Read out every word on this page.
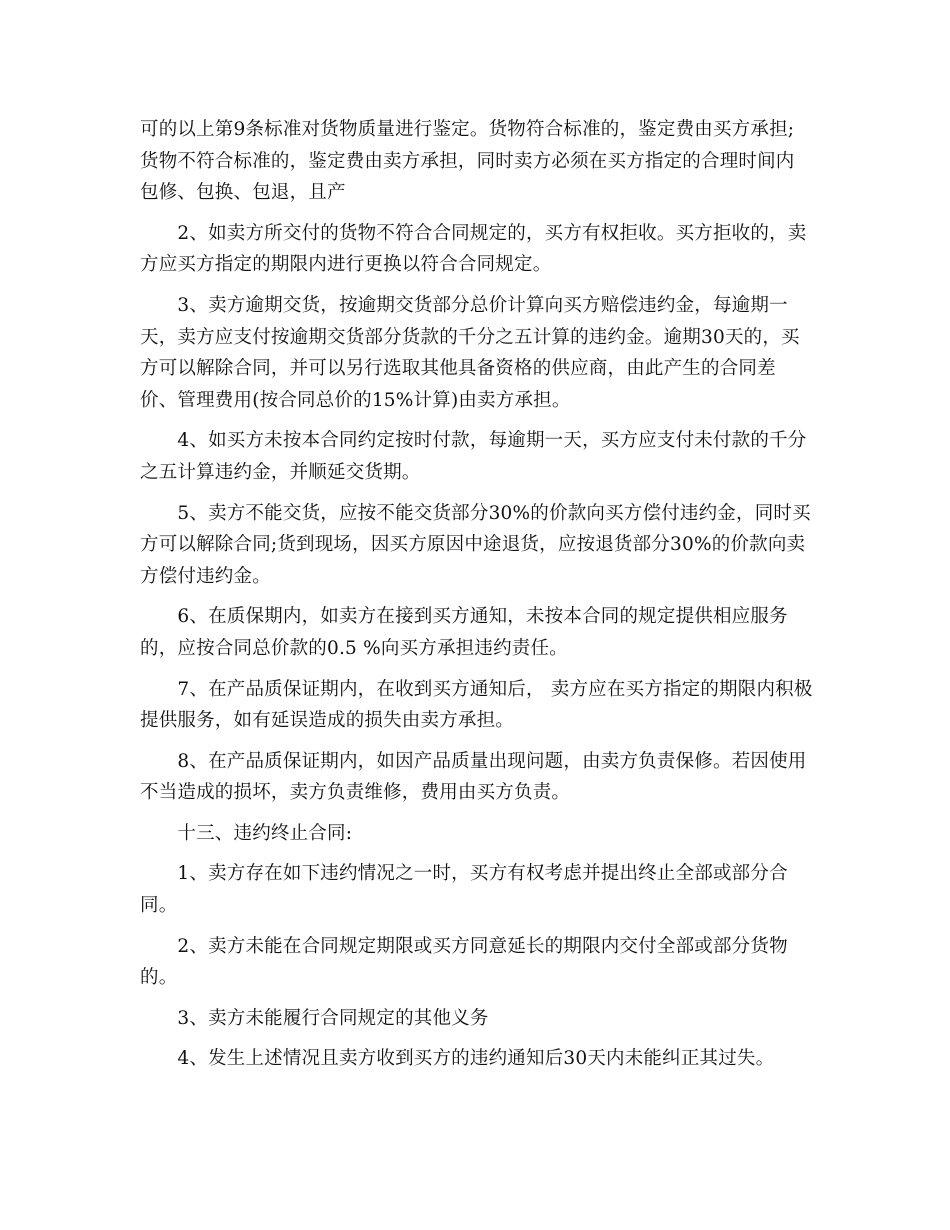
可的以上第9条标准对货物质量进行鉴定。货物符合标准的，鉴定费由买方承担;
货物不符合标准的，鉴定费由卖方承担，同时卖方必须在买方指定的合理时间内
包修、包换、包退，且产
　　2、如卖方所交付的货物不符合合同规定的，买方有权拒收。买方拒收的，卖
方应买方指定的期限内进行更换以符合合同规定。
　　3、卖方逾期交货，按逾期交货部分总价计算向买方赔偿违约金，每逾期一
天，卖方应支付按逾期交货部分货款的千分之五计算的违约金。逾期30天的，买
方可以解除合同，并可以另行选取其他具备资格的供应商，由此产生的合同差
价、管理费用(按合同总价的15%计算)由卖方承担。
　　4、如买方未按本合同约定按时付款，每逾期一天，买方应支付未付款的千分
之五计算违约金，并顺延交货期。
　　5、卖方不能交货，应按不能交货部分30%的价款向买方偿付违约金，同时买
方可以解除合同;货到现场，因买方原因中途退货，应按退货部分30%的价款向卖
方偿付违约金。
　　6、在质保期内，如卖方在接到买方通知，未按本合同的规定提供相应服务
的，应按合同总价款的0.5 %向买方承担违约责任。
　　7、在产品质保证期内，在收到买方通知后， 卖方应在买方指定的期限内积极
提供服务，如有延误造成的损失由卖方承担。
　　8、在产品质保证期内，如因产品质量出现问题，由卖方负责保修。若因使用
不当造成的损坏，卖方负责维修，费用由买方负责。
　　十三、违约终止合同:
　　1、卖方存在如下违约情况之一时，买方有权考虑并提出终止全部或部分合
同。
　　2、卖方未能在合同规定期限或买方同意延长的期限内交付全部或部分货物
的。
　　3、卖方未能履行合同规定的其他义务
　　4、发生上述情况且卖方收到买方的违约通知后30天内未能纠正其过失。
